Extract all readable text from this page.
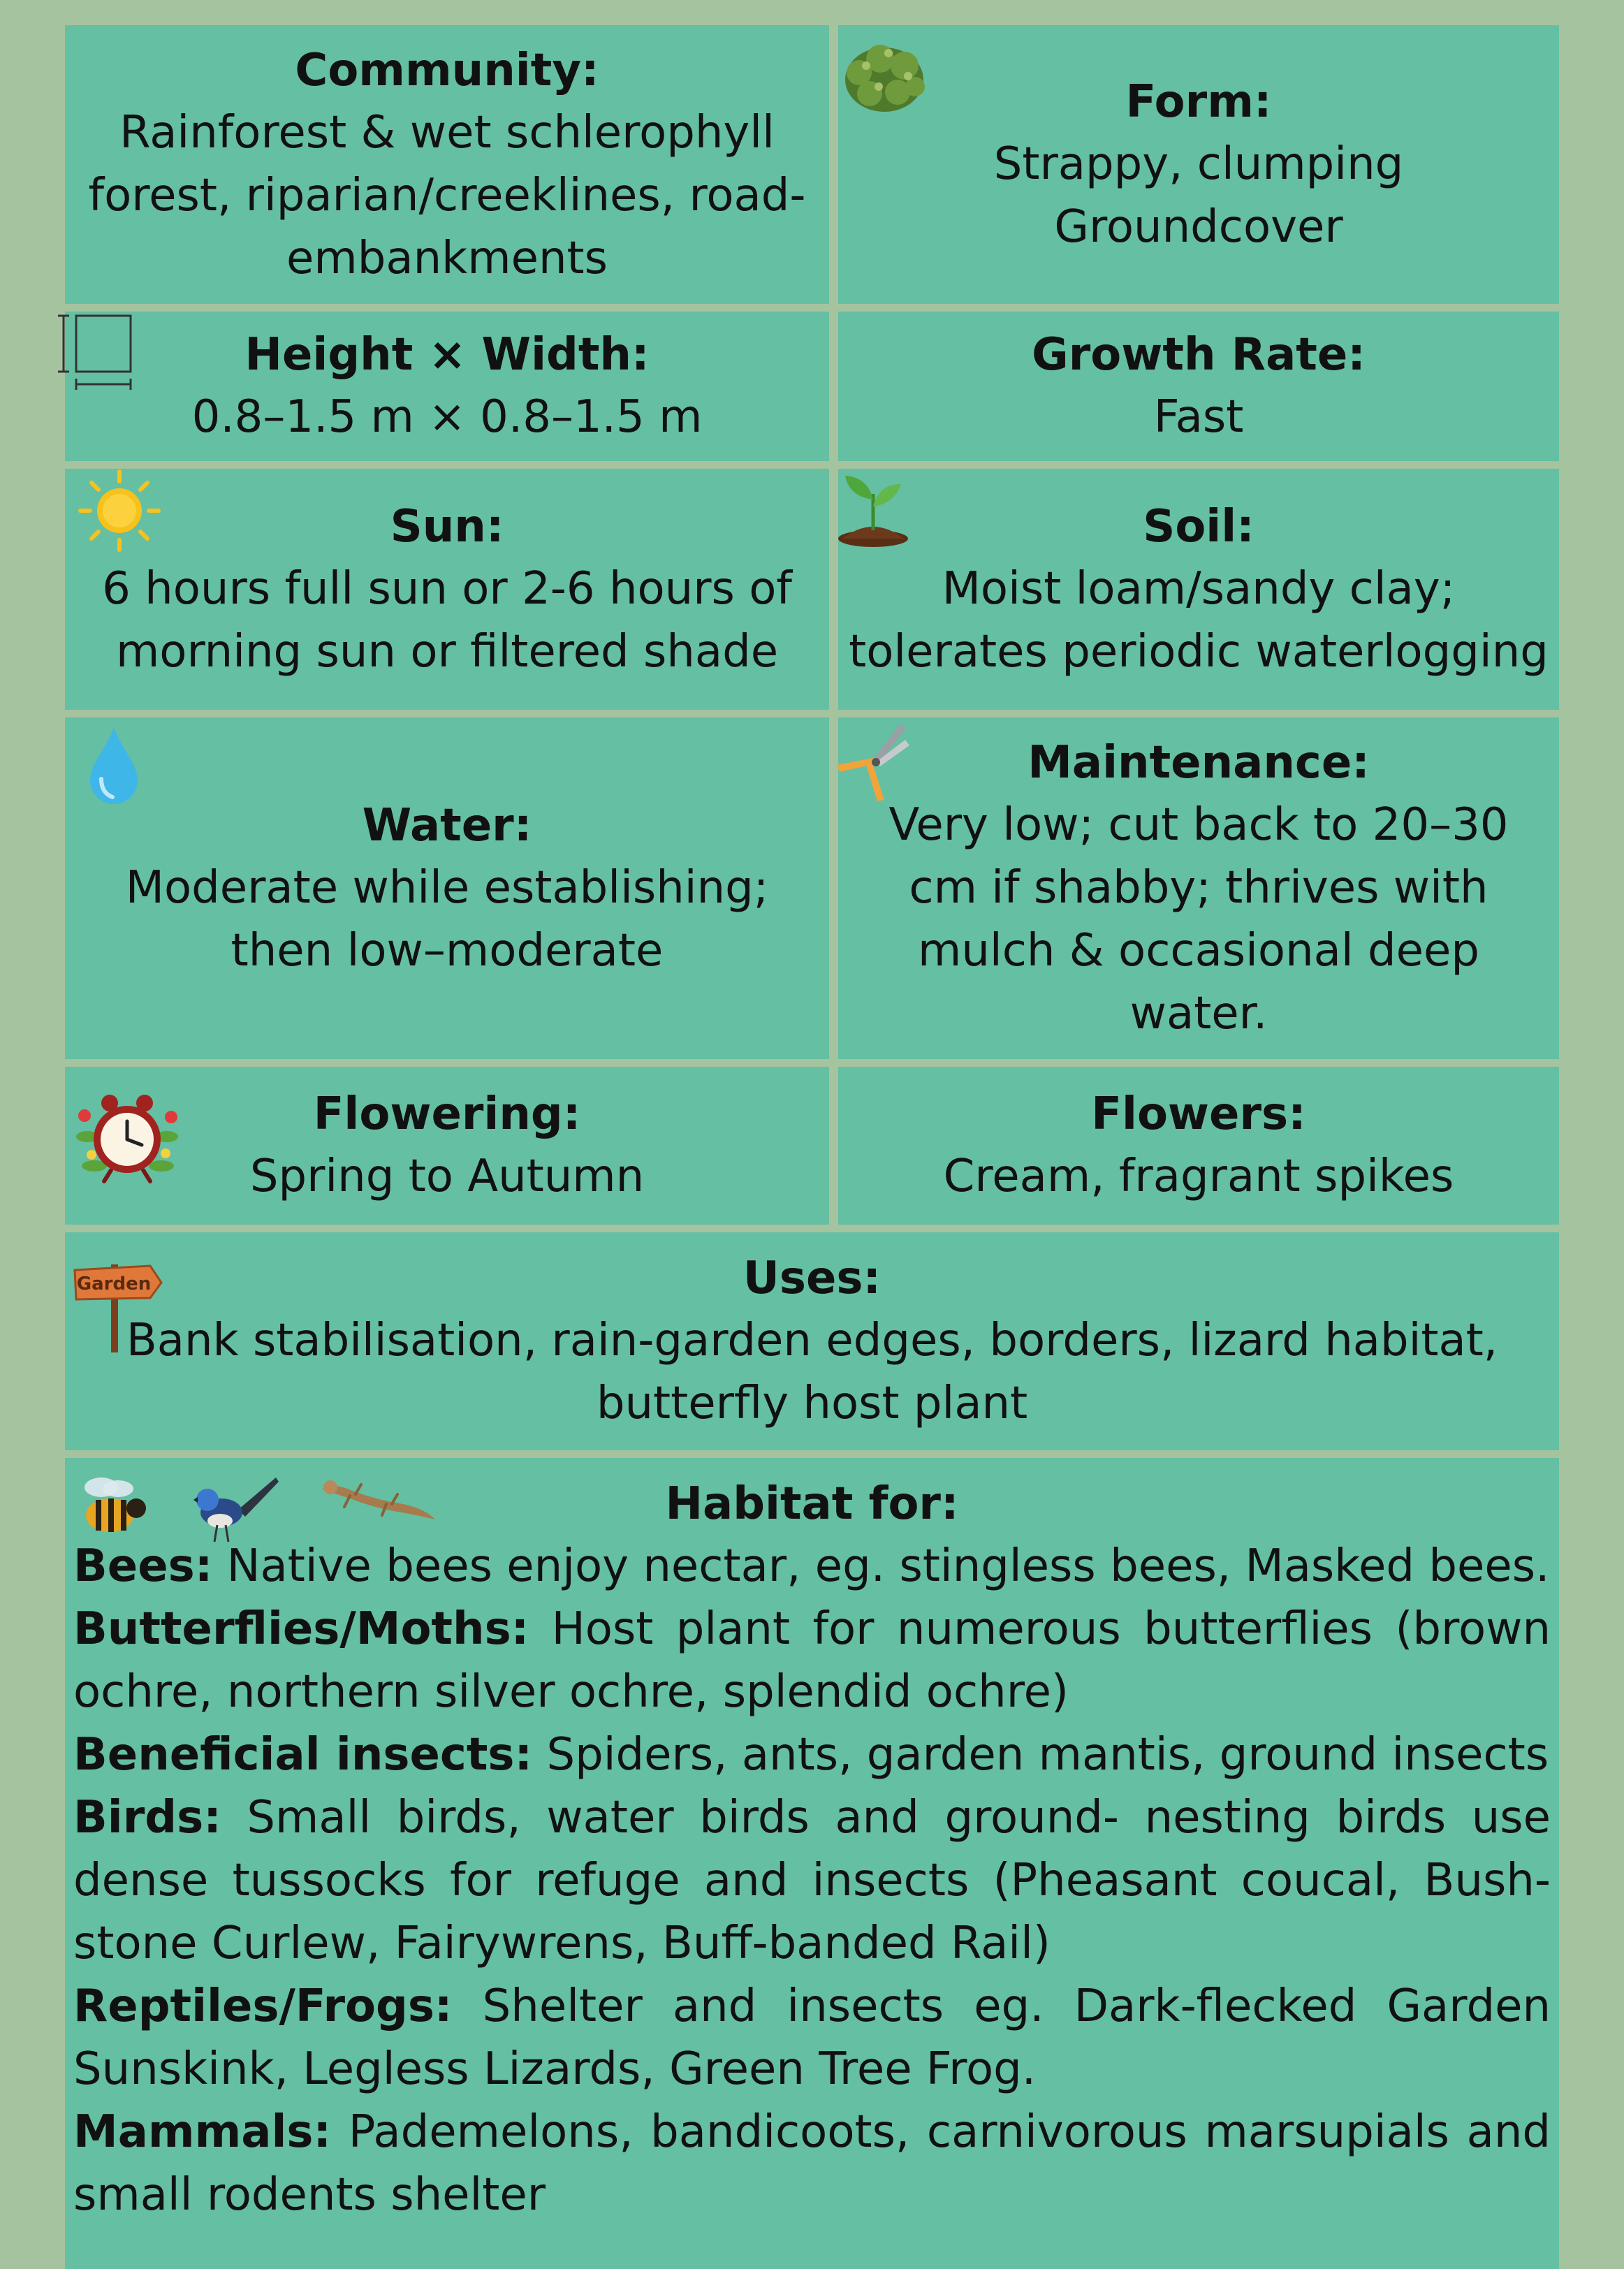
Community:
Rainforest & wet schlerophyll forest, riparian/creeklines, road-embankments
Form:
Strappy, clumping Groundcover
Height × Width:
0.8–1.5 m × 0.8–1.5 m
Growth Rate:
Fast
Sun:
6 hours full sun or 2-6 hours of morning sun or filtered shade
Soil:
Moist loam/sandy clay; tolerates periodic waterlogging
Water:
Moderate while establishing; then low–moderate
Maintenance:
Very low; cut back to 20–30 cm if shabby; thrives with mulch & occasional deep water.
Flowering:
Spring to Autumn
Flowers:
Cream, fragrant spikes
Garden	Uses:
Bank stabilisation, rain-garden edges, borders, lizard habitat, butterfly host plant
Habitat for:

Bees: Native bees enjoy nectar, eg. stingless bees, Masked bees.

Butterflies/Moths: Host plant for numerous butterflies (brown ochre, northern silver ochre, splendid ochre)

Beneficial insects: Spiders, ants, garden mantis, ground insects

Birds: Small birds, water birds and ground- nesting birds use dense tussocks for refuge and insects (Pheasant coucal, Bush-stone Curlew, Fairywrens, Buff-banded Rail)

Reptiles/Frogs: Shelter and insects eg. Dark-flecked Garden Sunskink, Legless Lizards, Green Tree Frog.

Mammals: Pademelons, bandicoots, carnivorous marsupials and small rodents shelter
